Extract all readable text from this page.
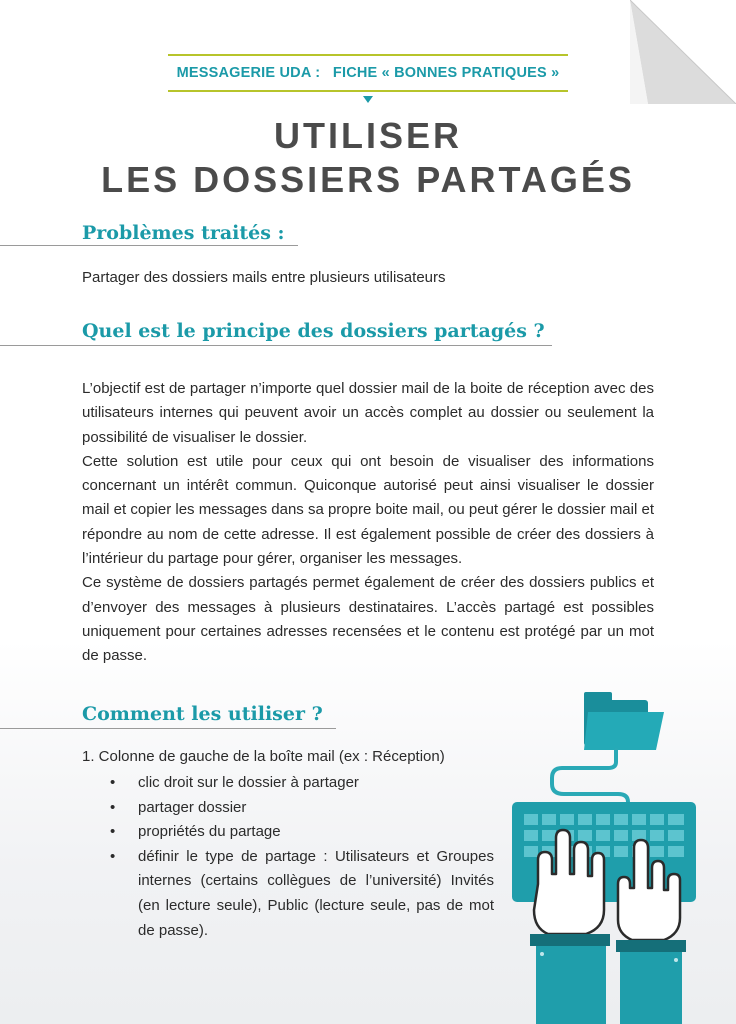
MESSAGERIE UDA :   FICHE « BONNES PRATIQUES »
UTILISER
LES DOSSIERS PARTAGÉS
Problèmes traités :
Partager des dossiers mails entre plusieurs utilisateurs
Quel est le principe des dossiers partagés ?
L’objectif est de partager n’importe quel dossier mail de la boite de réception avec des utilisateurs internes qui peuvent avoir un accès complet au dossier ou seulement la possibilité de visualiser le dossier.
Cette solution est utile pour ceux qui ont besoin de visualiser des informations concernant un intérêt commun. Quiconque autorisé peut ainsi visualiser le dossier mail et copier les messages dans sa propre boite mail, ou peut gérer le dossier mail et répondre au nom de cette adresse. Il est également possible de créer des dossiers à l’intérieur du partage pour gérer, organiser les messages.
Ce système de dossiers partagés permet également de créer des dossiers publics et d’envoyer des messages à plusieurs destinataires. L’accès partagé est possibles uniquement pour certaines adresses recensées et le contenu est protégé par un mot de passe.
Comment les utiliser ?
1. Colonne de gauche de la boîte mail (ex : Réception)
• clic droit sur le dossier à partager
• partager dossier
• propriétés du partage
• définir le type de partage : Utilisateurs et Groupes internes (certains collègues de l’université) Invités (en lecture seule), Public (lecture seule, pas de mot de passe).
